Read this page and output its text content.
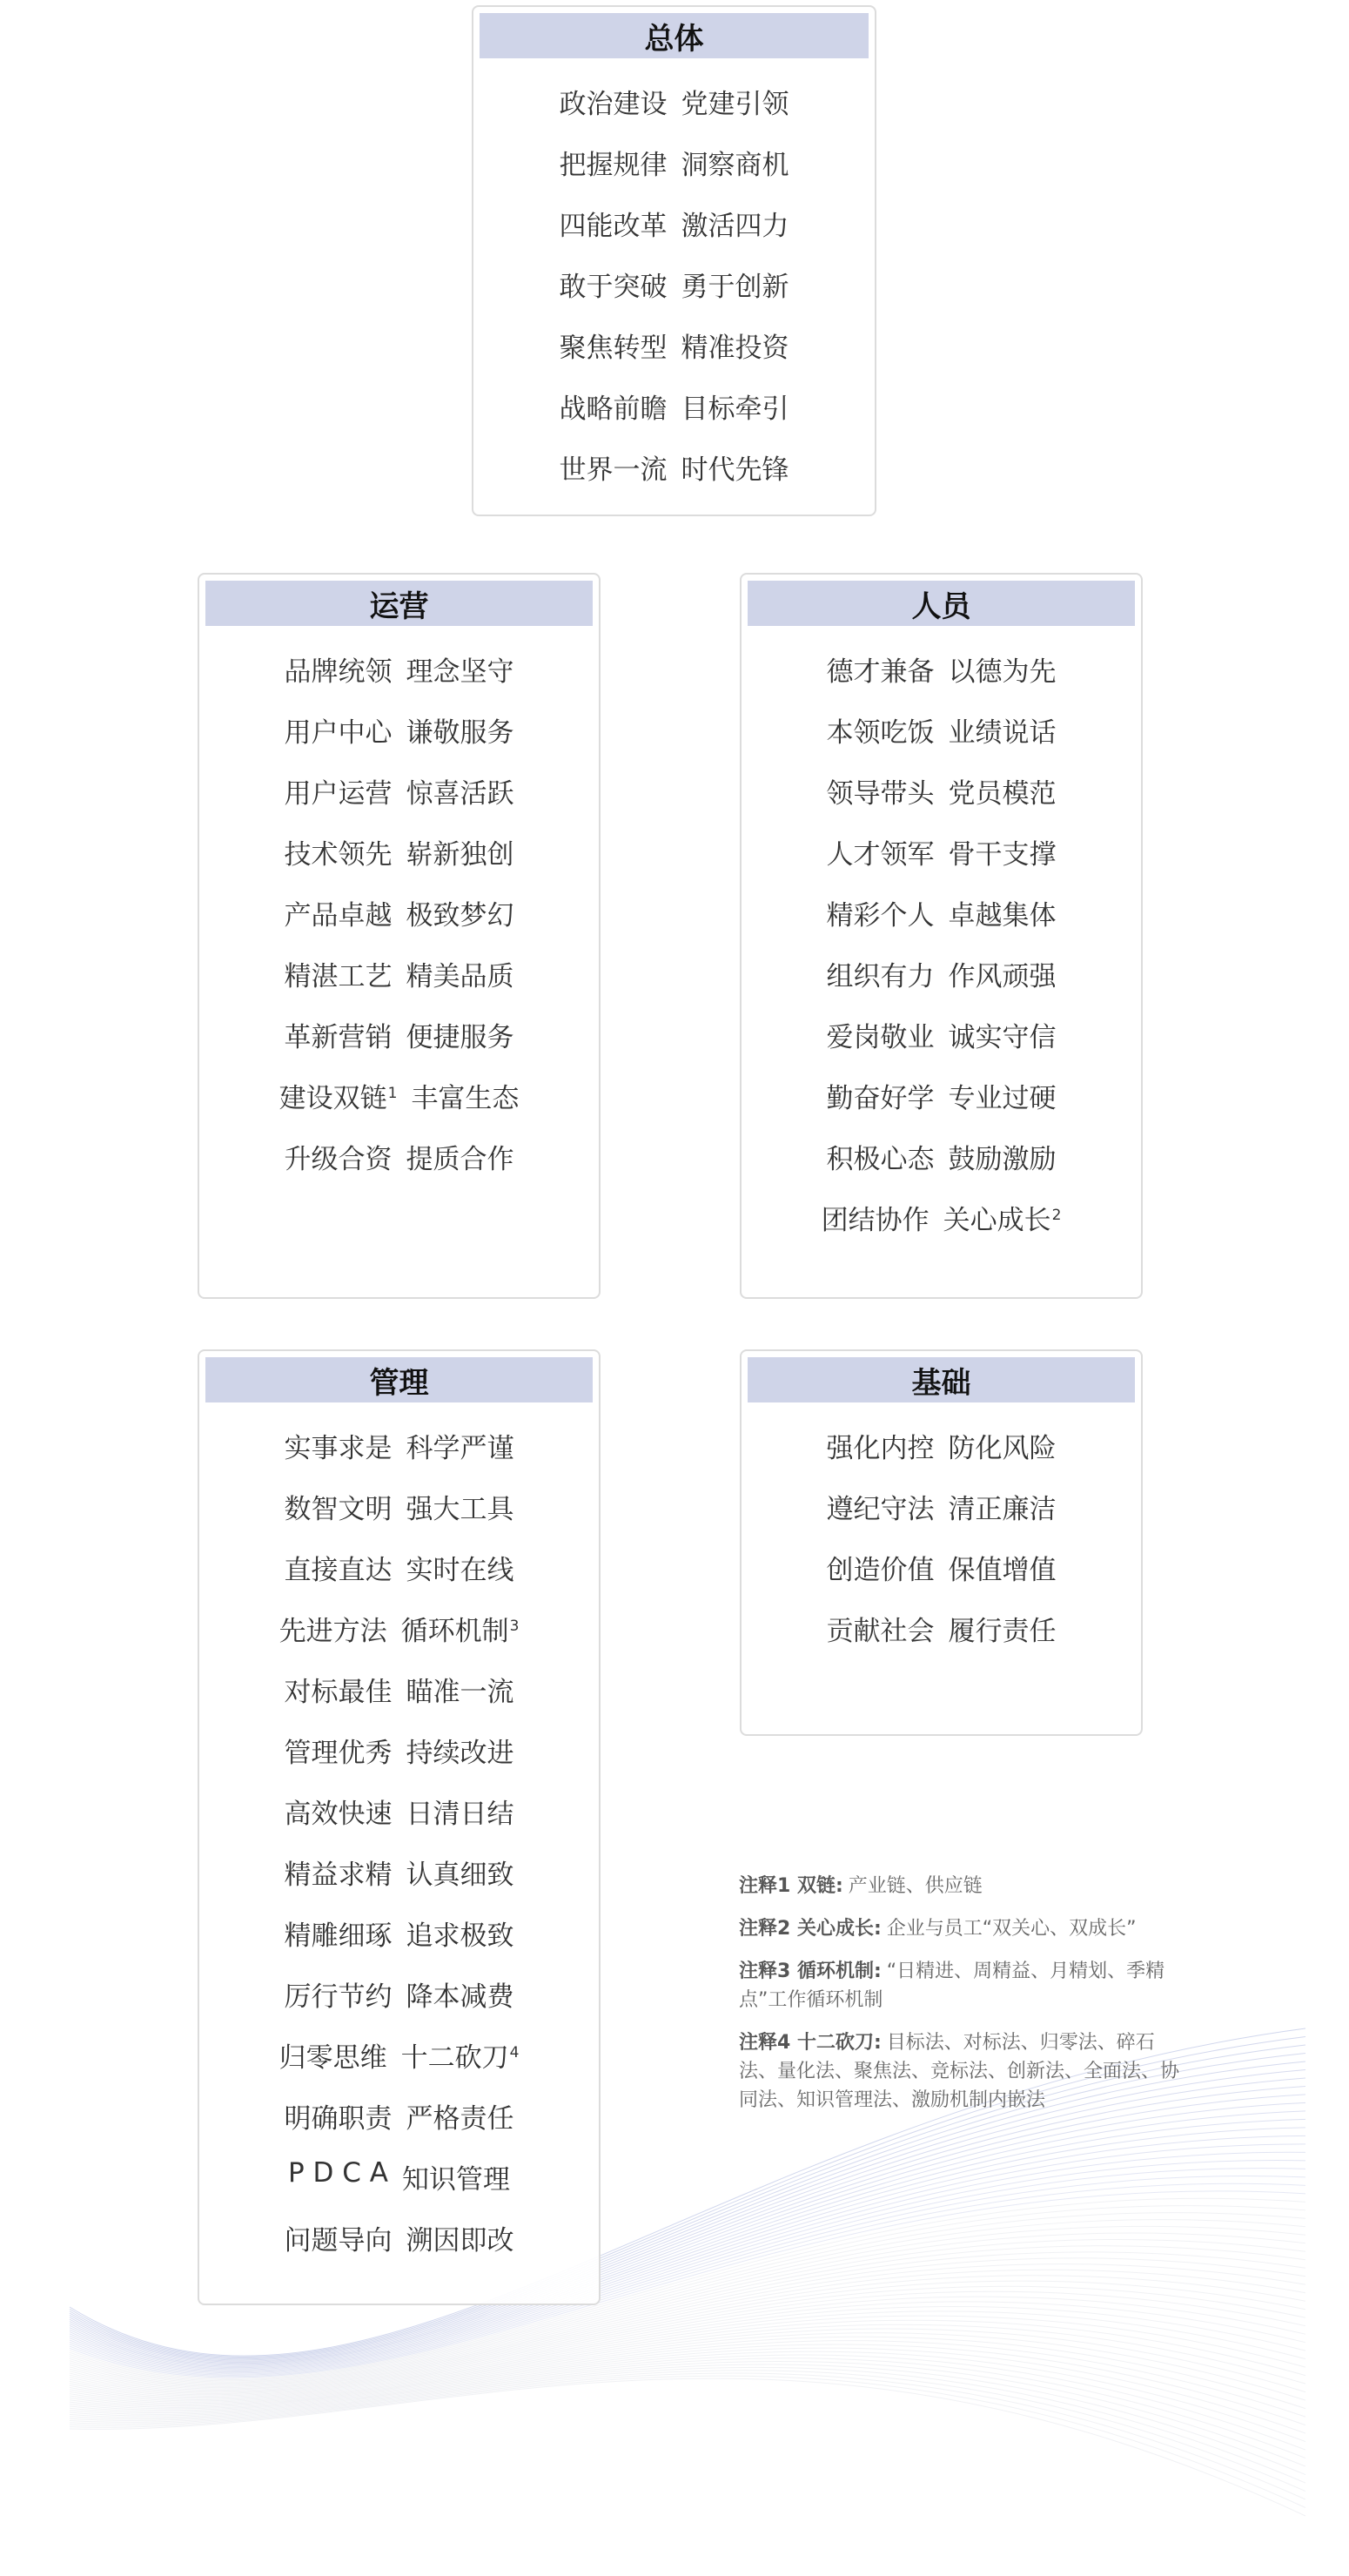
总体
政治建设 党建引领
把握规律 洞察商机
四能改革 激活四力
敢于突破 勇于创新
聚焦转型 精准投资
战略前瞻 目标牵引
世界一流 时代先锋
运营
品牌统领 理念坚守
用户中心 谦敬服务
用户运营 惊喜活跃
技术领先 崭新独创
产品卓越 极致梦幻
精湛工艺 精美品质
革新营销 便捷服务
建设双链$^1$ 丰富生态
升级合资 提质合作
人员
德才兼备 以德为先
本领吃饭 业绩说话
领导带头 党员模范
人才领军 骨干支撑
精彩个人 卓越集体
组织有力 作风顽强
爱岗敬业 诚实守信
勤奋好学 专业过硬
积极心态 鼓励激励
团结协作 关心成长$^2$
管理
实事求是 科学严谨
数智文明 强大工具
直接直达 实时在线
先进方法 循环机制$^3$
对标最佳 瞄准一流
管理优秀 持续改进
高效快速 日清日结
精益求精 认真细致
精雕细琢 追求极致
厉行节约 降本减费
归零思维 十二砍刀$^4$
明确职责 严格责任
P D C A 知识管理
问题导向 溯因即改
基础
强化内控 防化风险
遵纪守法 清正廉洁
创造价值 保值增值
贡献社会 履行责任
注释1 双链: 产业链、供应链
注释2 关心成长: 企业与员工“双关心、双成长”
注释3 循环机制: “日精进、周精益、月精划、季精点”工作循环机制
注释4 十二砍刀: 目标法、对标法、归零法、碎石法、量化法、聚焦法、竞标法、创新法、全面法、协同法、知识管理法、激励机制内嵌法
